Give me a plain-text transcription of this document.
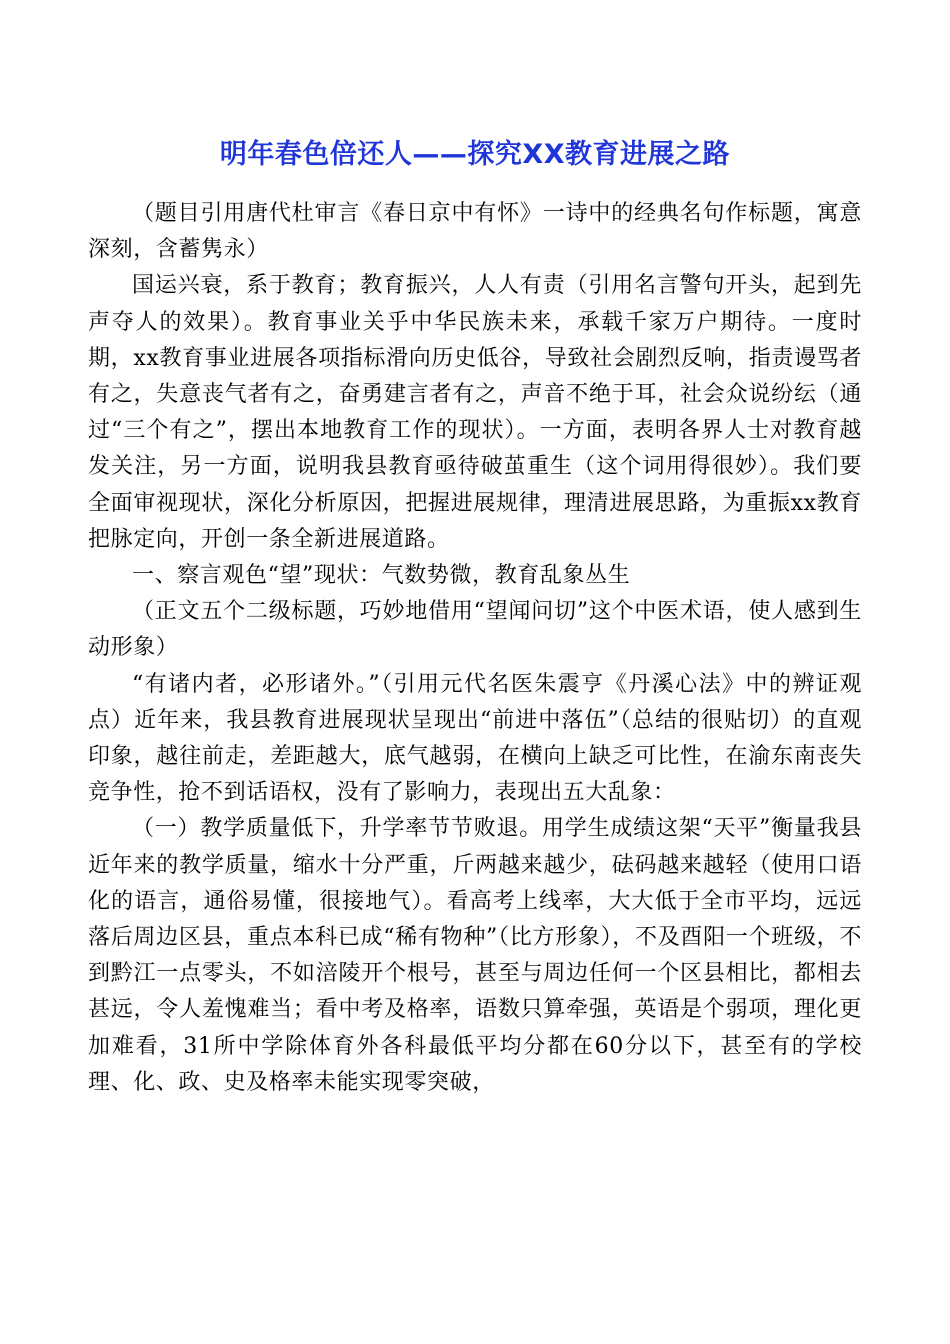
明年春色倍还人——探究XX教育进展之路

（题目引用唐代杜审言《春日京中有怀》一诗中的经典名句作标题，寓意深刻，含蓄隽永）

国运兴衰，系于教育；教育振兴，人人有责（引用名言警句开头，起到先声夺人的效果）。教育事业关乎中华民族未来，承载千家万户期待。一度时期，xx教育事业进展各项指标滑向历史低谷，导致社会剧烈反响，指责谩骂者有之，失意丧气者有之，奋勇建言者有之，声音不绝于耳，社会众说纷纭（通过“三个有之”，摆出本地教育工作的现状）。一方面，表明各界人士对教育越发关注，另一方面，说明我县教育亟待破茧重生（这个词用得很妙）。我们要全面审视现状，深化分析原因，把握进展规律，理清进展思路，为重振xx教育把脉定向，开创一条全新进展道路。

一、察言观色“望”现状：气数势微，教育乱象丛生

（正文五个二级标题，巧妙地借用“望闻问切”这个中医术语，使人感到生动形象）

“有诸内者，必形诸外。”（引用元代名医朱震亨《丹溪心法》中的辨证观点）近年来，我县教育进展现状呈现出“前进中落伍”（总结的很贴切）的直观印象，越往前走，差距越大，底气越弱，在横向上缺乏可比性，在渝东南丧失竞争性，抢不到话语权，没有了影响力，表现出五大乱象：

（一）教学质量低下，升学率节节败退。用学生成绩这架“天平”衡量我县近年来的教学质量，缩水十分严重，斤两越来越少，砝码越来越轻（使用口语化的语言，通俗易懂，很接地气）。看高考上线率，大大低于全市平均，远远落后周边区县，重点本科已成“稀有物种”（比方形象），不及酉阳一个班级，不到黔江一点零头，不如涪陵开个根号，甚至与周边任何一个区县相比，都相去甚远，令人羞愧难当；看中考及格率，语数只算牵强，英语是个弱项，理化更加难看，31所中学除体育外各科最低平均分都在60分以下，甚至有的学校理、化、政、史及格率未能实现零突破，
